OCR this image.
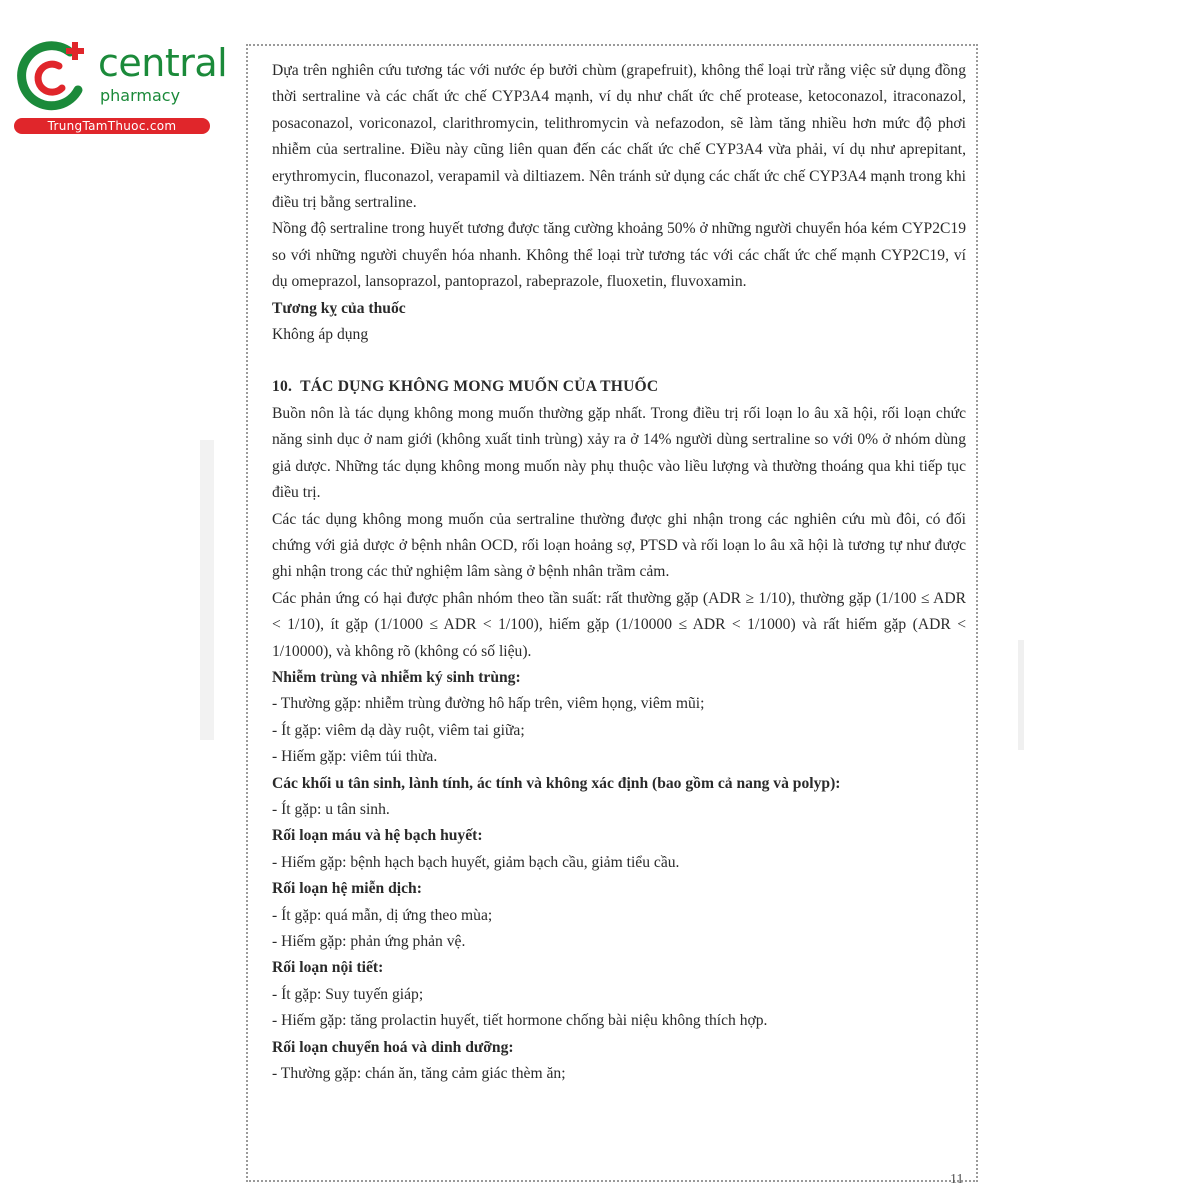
central
pharmacy
TrungTamThuoc.com

Dựa trên nghiên cứu tương tác với nước ép bưởi chùm (grapefruit), không thể loại trừ rằng việc sử dụng đồng thời sertraline và các chất ức chế CYP3A4 mạnh, ví dụ như chất ức chế protease, ketoconazol, itraconazol, posaconazol, voriconazol, clarithromycin, telithromycin và nefazodon, sẽ làm tăng nhiều hơn mức độ phơi nhiễm của sertraline. Điều này cũng liên quan đến các chất ức chế CYP3A4 vừa phải, ví dụ như aprepitant, erythromycin, fluconazol, verapamil và diltiazem. Nên tránh sử dụng các chất ức chế CYP3A4 mạnh trong khi điều trị bằng sertraline.

Nồng độ sertraline trong huyết tương được tăng cường khoảng 50% ở những người chuyển hóa kém CYP2C19 so với những người chuyển hóa nhanh. Không thể loại trừ tương tác với các chất ức chế mạnh CYP2C19, ví dụ omeprazol, lansoprazol, pantoprazol, rabeprazole, fluoxetin, fluvoxamin.

Tương kỵ của thuốc

Không áp dụng

10. TÁC DỤNG KHÔNG MONG MUỐN CỦA THUỐC

Buồn nôn là tác dụng không mong muốn thường gặp nhất. Trong điều trị rối loạn lo âu xã hội, rối loạn chức năng sinh dục ở nam giới (không xuất tinh trùng) xảy ra ở 14% người dùng sertraline so với 0% ở nhóm dùng giả dược. Những tác dụng không mong muốn này phụ thuộc vào liều lượng và thường thoáng qua khi tiếp tục điều trị.

Các tác dụng không mong muốn của sertraline thường được ghi nhận trong các nghiên cứu mù đôi, có đối chứng với giả dược ở bệnh nhân OCD, rối loạn hoảng sợ, PTSD và rối loạn lo âu xã hội là tương tự như được ghi nhận trong các thử nghiệm lâm sàng ở bệnh nhân trầm cảm.

Các phản ứng có hại được phân nhóm theo tần suất: rất thường gặp (ADR ≥ 1/10), thường gặp (1/100 ≤ ADR < 1/10), ít gặp (1/1000 ≤ ADR < 1/100), hiếm gặp (1/10000 ≤ ADR < 1/1000) và rất hiếm gặp (ADR < 1/10000), và không rõ (không có số liệu).

Nhiễm trùng và nhiễm ký sinh trùng:

- Thường gặp: nhiễm trùng đường hô hấp trên, viêm họng, viêm mũi;

- Ít gặp: viêm dạ dày ruột, viêm tai giữa;

- Hiếm gặp: viêm túi thừa.

Các khối u tân sinh, lành tính, ác tính và không xác định (bao gồm cả nang và polyp):

- Ít gặp: u tân sinh.

Rối loạn máu và hệ bạch huyết:

- Hiếm gặp: bệnh hạch bạch huyết, giảm bạch cầu, giảm tiểu cầu.

Rối loạn hệ miễn dịch:

- Ít gặp: quá mẫn, dị ứng theo mùa;

- Hiếm gặp: phản ứng phản vệ.

Rối loạn nội tiết:

- Ít gặp: Suy tuyến giáp;

- Hiếm gặp: tăng prolactin huyết, tiết hormone chống bài niệu không thích hợp.

Rối loạn chuyển hoá và dinh dưỡng:

- Thường gặp: chán ăn, tăng cảm giác thèm ăn;

11
